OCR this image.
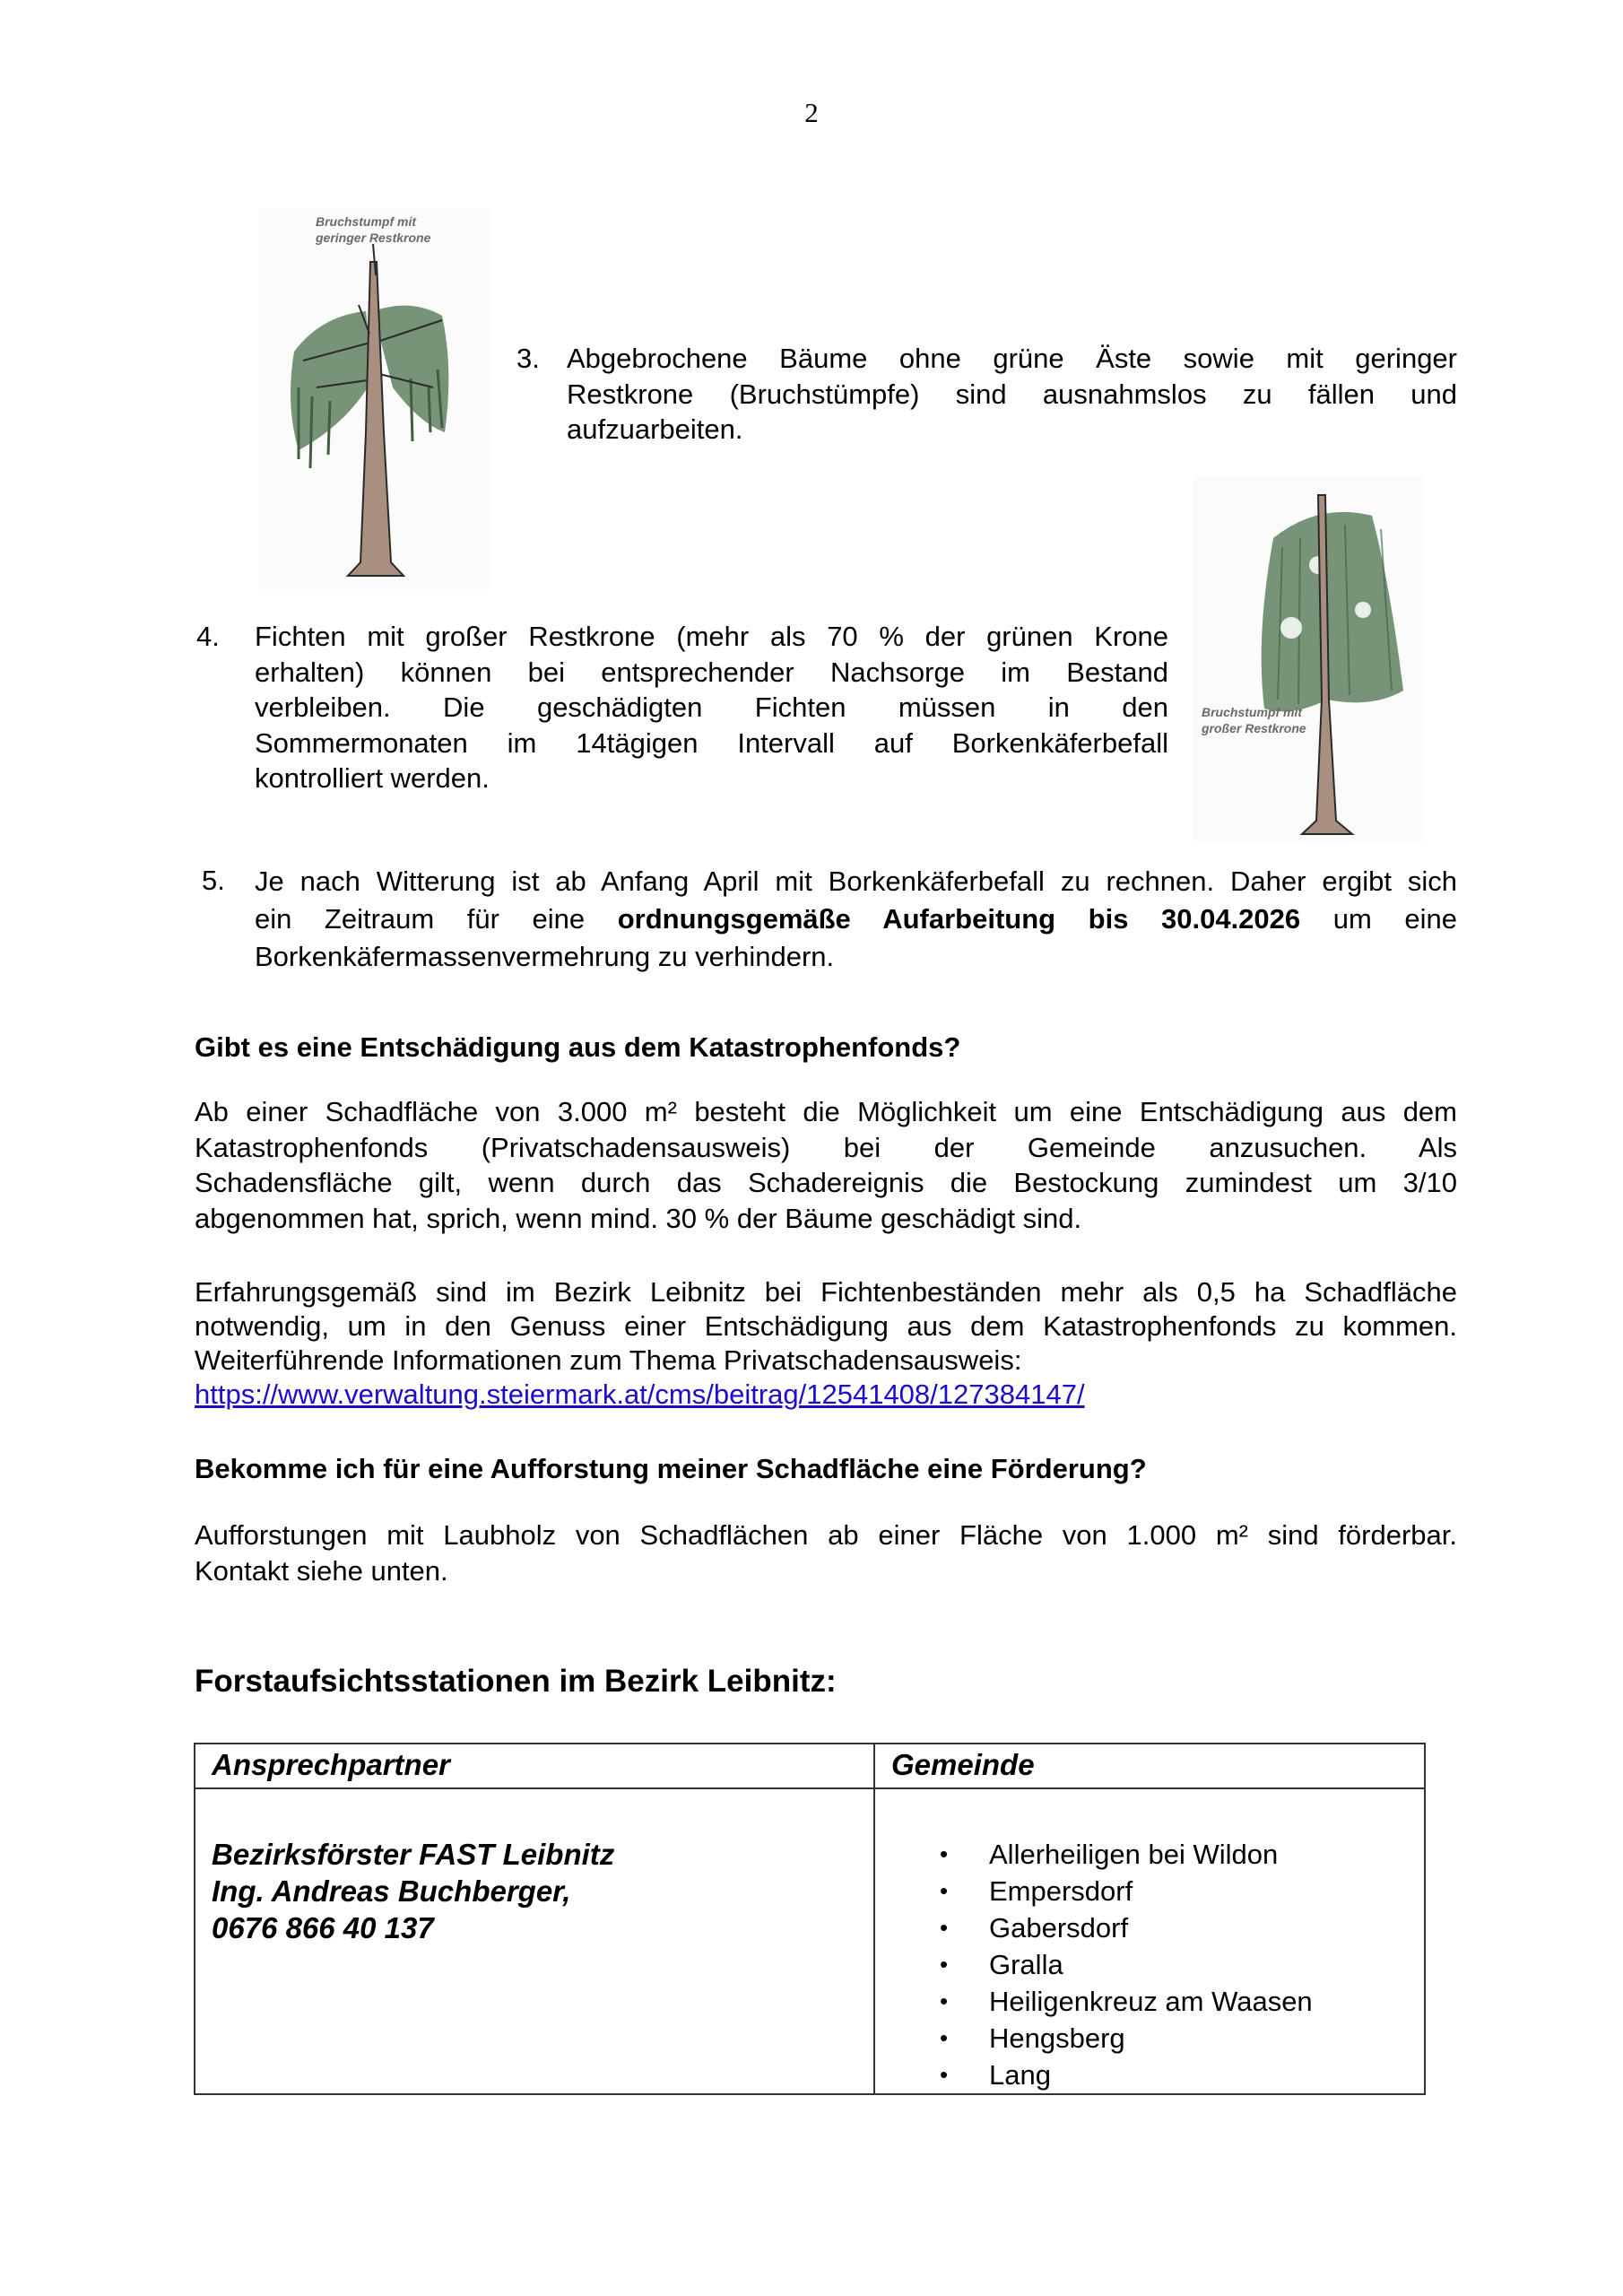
2
Bruchstumpf mit
geringer Restkrone
3. Abgebrochene Bäume ohne grüne Äste sowie mit geringer
Restkrone (Bruchstümpfe) sind ausnahmslos zu fällen und
aufzuarbeiten.
Bruchstumpf mit
großer Restkrone
4. Fichten mit großer Restkrone (mehr als 70 % der grünen Krone
erhalten) können bei entsprechender Nachsorge im Bestand
verbleiben. Die geschädigten Fichten müssen in den
Sommermonaten im 14tägigen Intervall auf Borkenkäferbefall
kontrolliert werden.
5. Je nach Witterung ist ab Anfang April mit Borkenkäferbefall zu rechnen. Daher ergibt sich
ein Zeitraum für eine ordnungsgemäße Aufarbeitung bis 30.04.2026 um eine
Borkenkäfermassenvermehrung zu verhindern.
Gibt es eine Entschädigung aus dem Katastrophenfonds?
Ab einer Schadfläche von 3.000 m² besteht die Möglichkeit um eine Entschädigung aus dem
Katastrophenfonds (Privatschadensausweis) bei der Gemeinde anzusuchen. Als
Schadensfläche gilt, wenn durch das Schadereignis die Bestockung zumindest um 3/10
abgenommen hat, sprich, wenn mind. 30 % der Bäume geschädigt sind.
Erfahrungsgemäß sind im Bezirk Leibnitz bei Fichtenbeständen mehr als 0,5 ha Schadfläche
notwendig, um in den Genuss einer Entschädigung aus dem Katastrophenfonds zu kommen.
Weiterführende Informationen zum Thema Privatschadensausweis:
https://www.verwaltung.steiermark.at/cms/beitrag/12541408/127384147/
Bekomme ich für eine Aufforstung meiner Schadfläche eine Förderung?
Aufforstungen mit Laubholz von Schadflächen ab einer Fläche von 1.000 m² sind förderbar.
Kontakt siehe unten.
Forstaufsichtsstationen im Bezirk Leibnitz:
Ansprechpartner	Gemeinde

Bezirksförster FAST Leibnitz
Ing. Andreas Buchberger,
0676 866 40 137

• Allerheiligen bei Wildon
• Empersdorf
• Gabersdorf
• Gralla
• Heiligenkreuz am Waasen
• Hengsberg
• Lang
